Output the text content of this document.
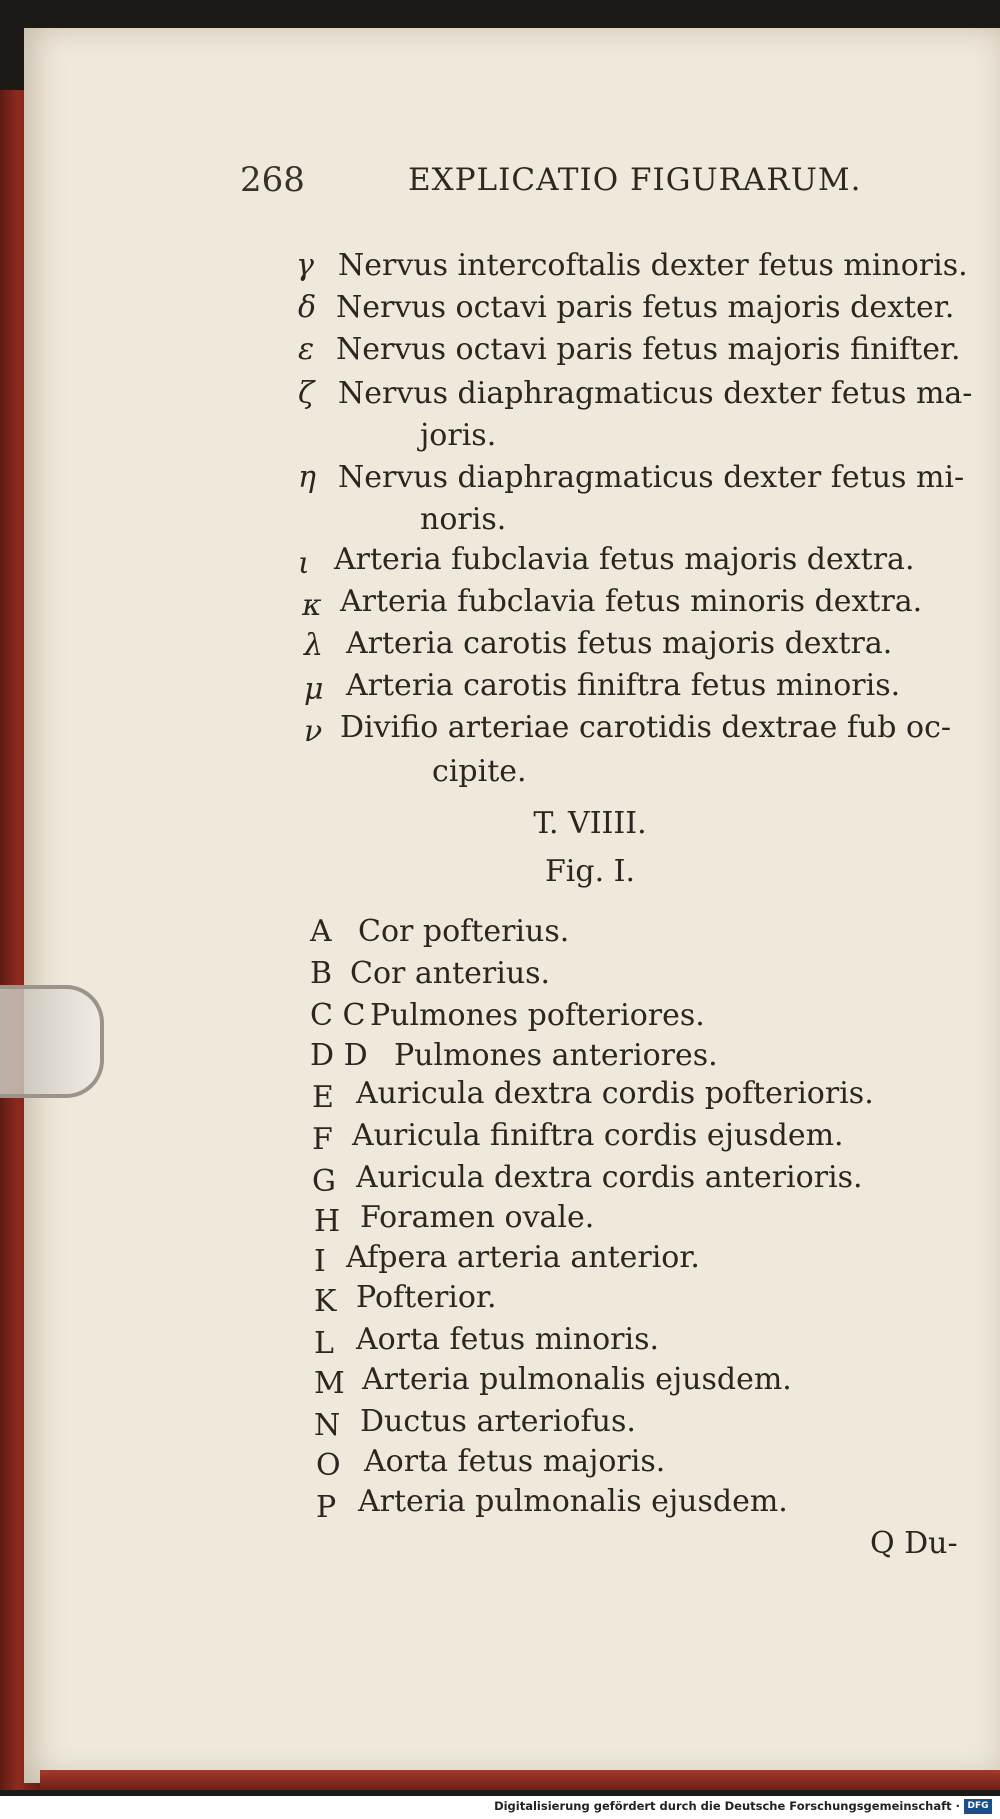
268	EXPLICATIO FIGURARUM.
γ Nervus intercoftalis dexter fetus minoris.
δ Nervus octavi paris fetus majoris dexter.
ε Nervus octavi paris fetus majoris finifter.
ζ Nervus diaphragmaticus dexter fetus ma-
joris.
η Nervus diaphragmaticus dexter fetus mi-
noris.
ι Arteria fubclavia fetus majoris dextra.
κ Arteria fubclavia fetus minoris dextra.
λ Arteria carotis fetus majoris dextra.
μ Arteria carotis finiftra fetus minoris.
ν Divifio arteriae carotidis dextrae fub oc-
cipite.
T. VIIII.
Fig. I.
A Cor pofterius.
B Cor anterius.
C C Pulmones pofteriores.
D D Pulmones anteriores.
E Auricula dextra cordis pofterioris.
F Auricula finiftra cordis ejusdem.
G Auricula dextra cordis anterioris.
H Foramen ovale.
I Afpera arteria anterior.
K Pofterior.
L Aorta fetus minoris.
M Arteria pulmonalis ejusdem.
N Ductus arteriofus.
O Aorta fetus majoris.
P Arteria pulmonalis ejusdem.
Q Du-
Digitalisierung gefördert durch die Deutsche Forschungsgemeinschaft · DFG
